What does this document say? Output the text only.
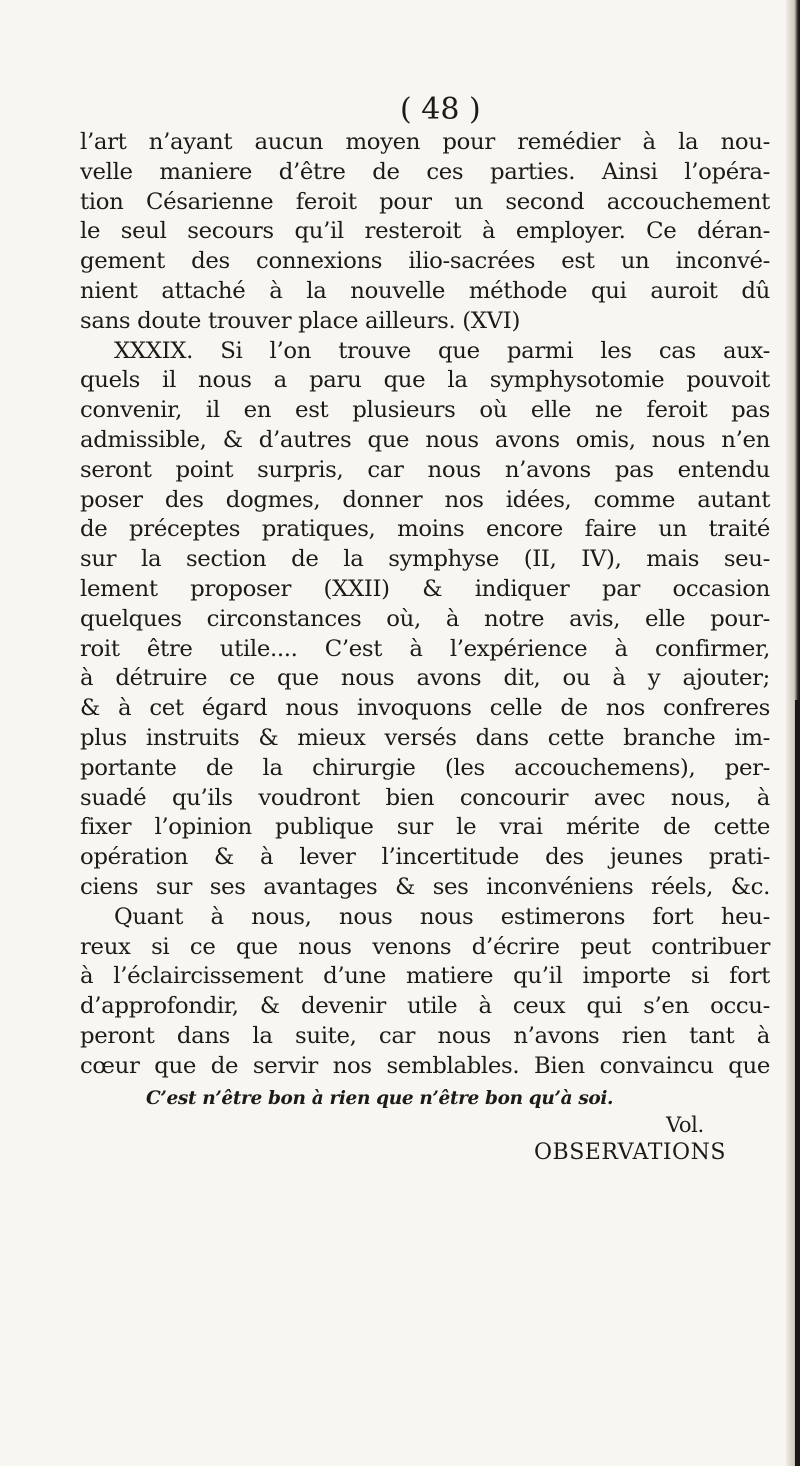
( 48 )
l’art n’ayant aucun moyen pour remédier à la nou-
velle maniere d’être de ces parties. Ainsi l’opéra-
tion Césarienne feroit pour un second accouchement
le seul secours qu’il resteroit à employer. Ce déran-
gement des connexions ilio-sacrées est un inconvé-
nient attaché à la nouvelle méthode qui auroit dû
sans doute trouver place ailleurs. (XVI)
XXXIX. Si l’on trouve que parmi les cas aux-
quels il nous a paru que la symphysotomie pouvoit
convenir, il en est plusieurs où elle ne feroit pas
admissible, & d’autres que nous avons omis, nous n’en
seront point surpris, car nous n’avons pas entendu
poser des dogmes, donner nos idées, comme autant
de préceptes pratiques, moins encore faire un traité
sur la section de la symphyse (II, IV), mais seu-
lement proposer (XXII) & indiquer par occasion
quelques circonstances où, à notre avis, elle pour-
roit être utile.... C’est à l’expérience à confirmer,
à détruire ce que nous avons dit, ou à y ajouter;
& à cet égard nous invoquons celle de nos confreres
plus instruits & mieux versés dans cette branche im-
portante de la chirurgie (les accouchemens), per-
suadé qu’ils voudront bien concourir avec nous, à
fixer l’opinion publique sur le vrai mérite de cette
opération & à lever l’incertitude des jeunes prati-
ciens sur ses avantages & ses inconvéniens réels, &c.
Quant à nous, nous nous estimerons fort heu-
reux si ce que nous venons d’écrire peut contribuer
à l’éclaircissement d’une matiere qu’il importe si fort
d’approfondir, & devenir utile à ceux qui s’en occu-
peront dans la suite, car nous n’avons rien tant à
cœur que de servir nos semblables. Bien convaincu que
C’est n’être bon à rien que n’être bon qu’à soi.
Vol.
OBSERVATIONS
